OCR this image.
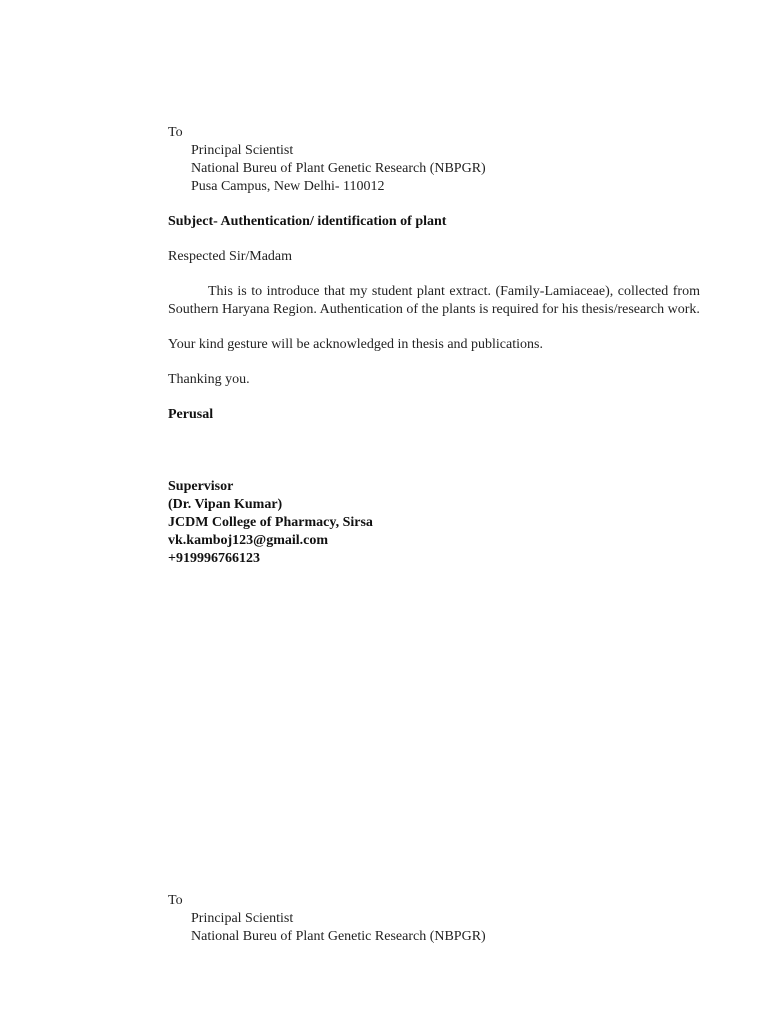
To
Principal Scientist
National Bureu of Plant Genetic Research (NBPGR)
Pusa Campus, New Delhi- 110012
Subject- Authentication/ identification of plant
Respected Sir/Madam
This is to introduce that my student plant extract. (Family-Lamiaceae), collected from Southern Haryana Region. Authentication of the plants is required for his thesis/research work.
Your kind gesture will be acknowledged in thesis and publications.
Thanking you.
Perusal
Supervisor
(Dr. Vipan Kumar)
JCDM College of Pharmacy, Sirsa
vk.kamboj123@gmail.com
+919996766123
To
Principal Scientist
National Bureu of Plant Genetic Research (NBPGR)
